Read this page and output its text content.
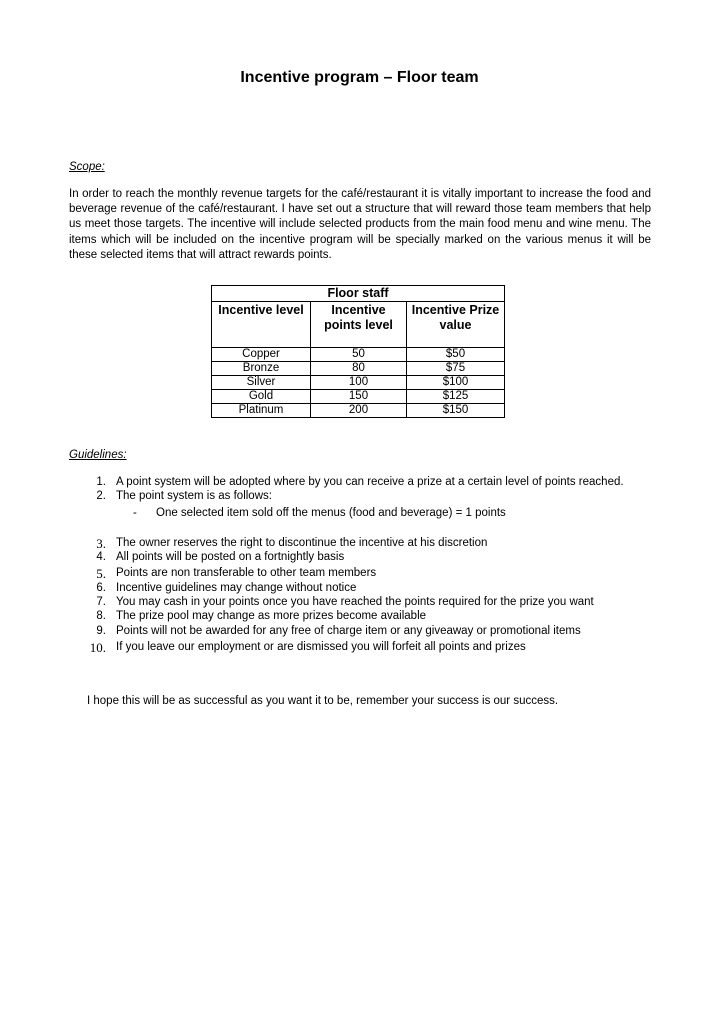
Incentive program – Floor team
Scope:

In order to reach the monthly revenue targets for the café/restaurant it is vitally important to increase the food and beverage revenue of the café/restaurant. I have set out a structure that will reward those team members that help us meet those targets. The incentive will include selected products from the main food menu and wine menu. The items which will be included on the incentive program will be specially marked on the various menus it will be these selected items that will attract rewards points.

Floor staff		
Incentive level	Incentive points level	Incentive Prize value
Copper	50	$50
Bronze	80	$75
Silver	100	$100
Gold	150	$125
Platinum	200	$150
Guidelines:
1. A point system will be adopted where by you can receive a prize at a certain level of points reached.
2. The point system is as follows:
- One selected item sold off the menus (food and beverage) = 1 points
3. The owner reserves the right to discontinue the incentive at his discretion
4. All points will be posted on a fortnightly basis
5. Points are non transferable to other team members
6. Incentive guidelines may change without notice
7. You may cash in your points once you have reached the points required for the prize you want
8. The prize pool may change as more prizes become available
9. Points will not be awarded for any free of charge item or any giveaway or promotional items
10. If you leave our employment or are dismissed you will forfeit all points and prizes

I hope this will be as successful as you want it to be, remember your success is our success.
